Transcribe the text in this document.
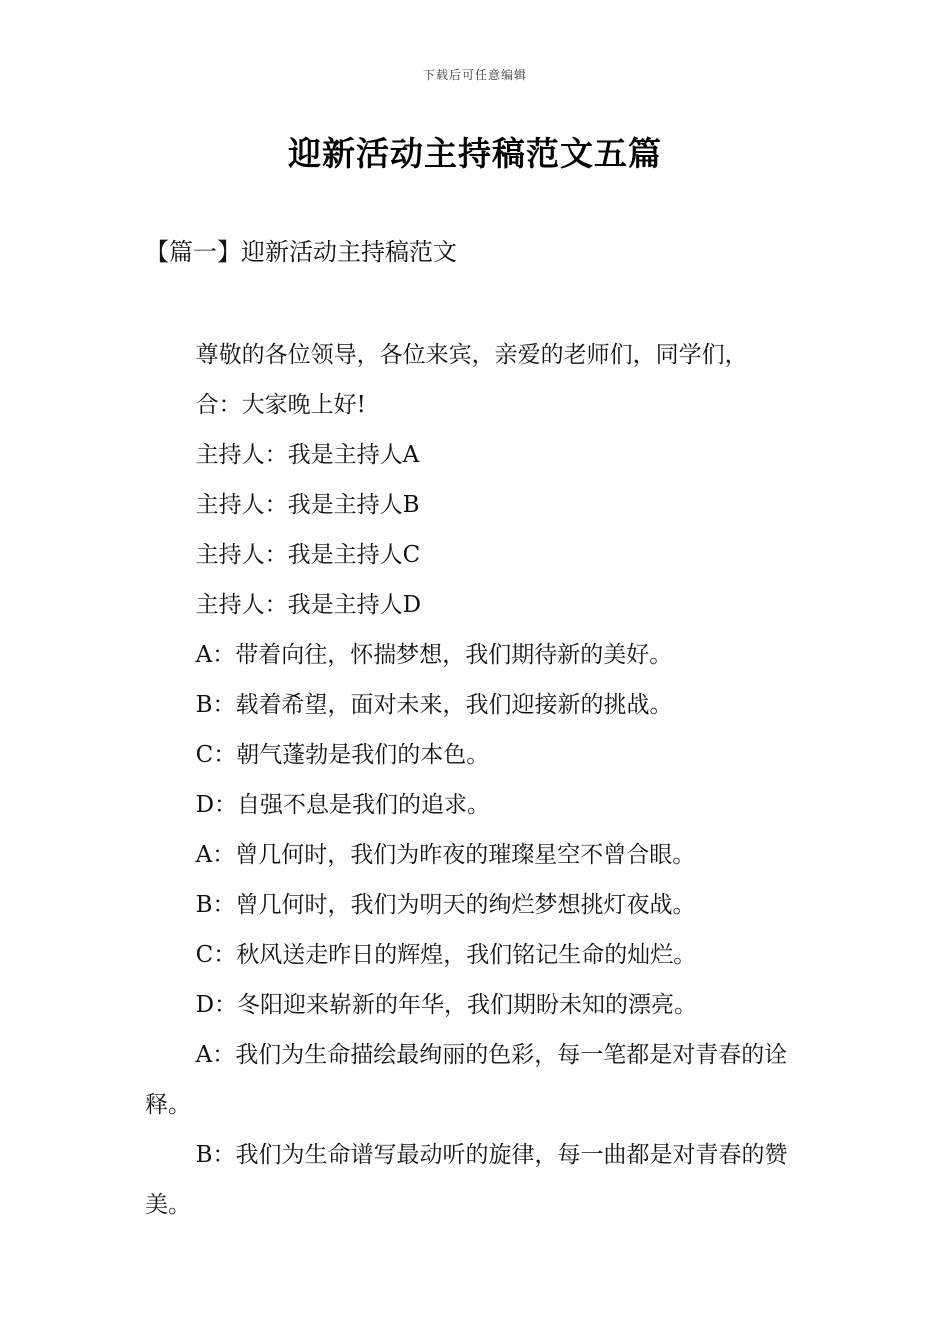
下载后可任意编辑
迎新活动主持稿范文五篇
【篇一】迎新活动主持稿范文

尊敬的各位领导，各位来宾，亲爱的老师们，同学们，

合：大家晚上好!

主持人：我是主持人A

主持人：我是主持人B

主持人：我是主持人C

主持人：我是主持人D

A：带着向往，怀揣梦想，我们期待新的美好。

B：载着希望，面对未来，我们迎接新的挑战。

C：朝气蓬勃是我们的本色。

D：自强不息是我们的追求。

A：曾几何时，我们为昨夜的璀璨星空不曾合眼。

B：曾几何时，我们为明天的绚烂梦想挑灯夜战。

C：秋风送走昨日的辉煌，我们铭记生命的灿烂。

D：冬阳迎来崭新的年华，我们期盼未知的漂亮。

A：我们为生命描绘最绚丽的色彩，每一笔都是对青春的诠释。

B：我们为生命谱写最动听的旋律，每一曲都是对青春的赞美。
